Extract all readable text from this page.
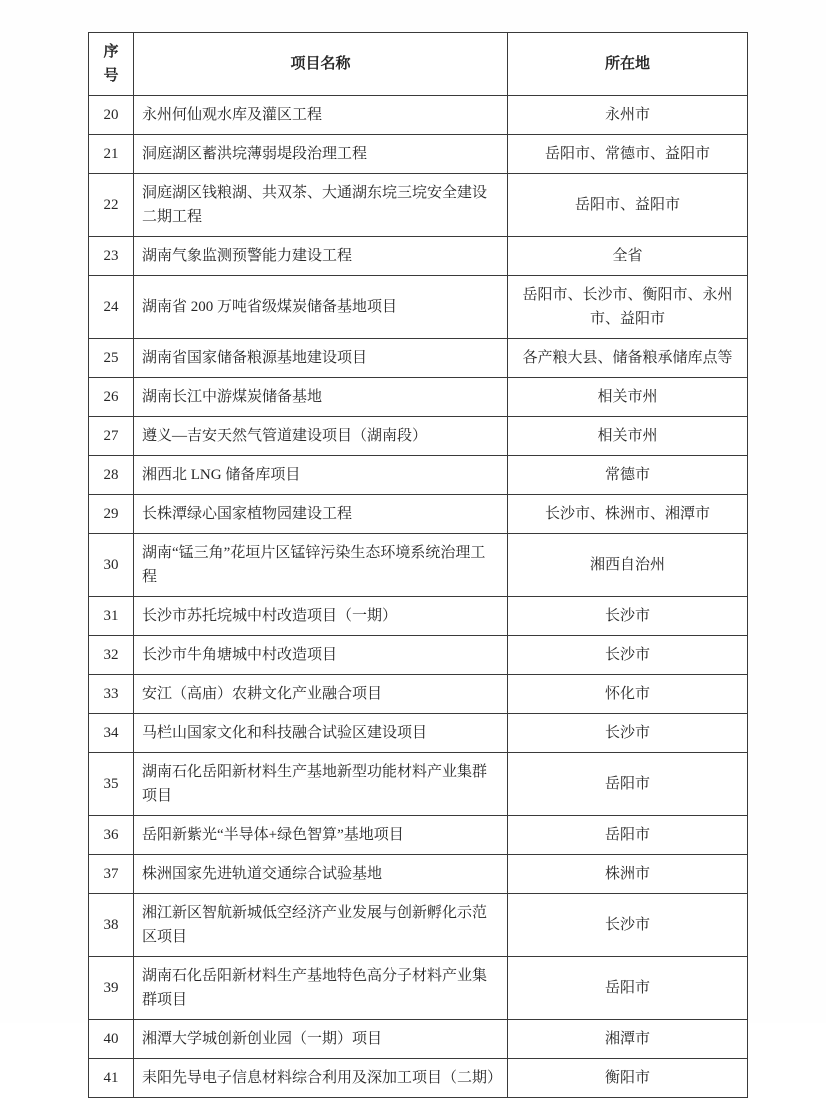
序号	项目名称	所在地
20	永州何仙观水库及灌区工程	永州市
21	洞庭湖区蓄洪垸薄弱堤段治理工程	岳阳市、常德市、益阳市
22	洞庭湖区钱粮湖、共双茶、大通湖东垸三垸安全建设二期工程	岳阳市、益阳市
23	湖南气象监测预警能力建设工程	全省
24	湖南省 200 万吨省级煤炭储备基地项目	岳阳市、长沙市、衡阳市、永州市、益阳市
25	湖南省国家储备粮源基地建设项目	各产粮大县、储备粮承储库点等
26	湖南长江中游煤炭储备基地	相关市州
27	遵义—吉安天然气管道建设项目（湖南段）	相关市州
28	湘西北 LNG 储备库项目	常德市
29	长株潭绿心国家植物园建设工程	长沙市、株洲市、湘潭市
30	湖南“锰三角”花垣片区锰锌污染生态环境系统治理工程	湘西自治州
31	长沙市苏托垸城中村改造项目（一期）	长沙市
32	长沙市牛角塘城中村改造项目	长沙市
33	安江（高庙）农耕文化产业融合项目	怀化市
34	马栏山国家文化和科技融合试验区建设项目	长沙市
35	湖南石化岳阳新材料生产基地新型功能材料产业集群项目	岳阳市
36	岳阳新紫光“半导体+绿色智算”基地项目	岳阳市
37	株洲国家先进轨道交通综合试验基地	株洲市
38	湘江新区智航新城低空经济产业发展与创新孵化示范区项目	长沙市
39	湖南石化岳阳新材料生产基地特色高分子材料产业集群项目	岳阳市
40	湘潭大学城创新创业园（一期）项目	湘潭市
41	耒阳先导电子信息材料综合利用及深加工项目（二期）	衡阳市
